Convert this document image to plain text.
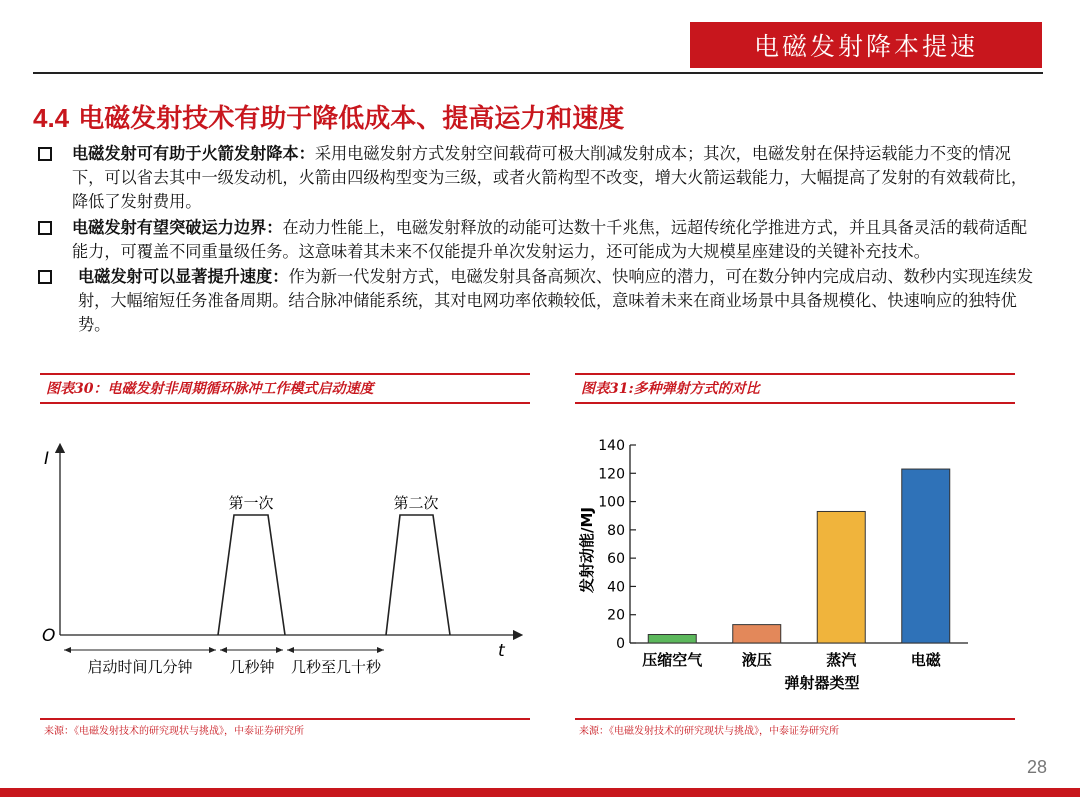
电磁发射降本提速
4.4 电磁发射技术有助于降低成本、提高运力和速度
电磁发射可有助于火箭发射降本：采用电磁发射方式发射空间载荷可极大削减发射成本；其次，电磁发射在保持运载能力不变的情况下，可以省去其中一级发动机，火箭由四级构型变为三级，或者火箭构型不改变，增大火箭运载能力，大幅提高了发射的有效载荷比，降低了发射费用。
电磁发射有望突破运力边界：在动力性能上，电磁发射释放的动能可达数十千兆焦，远超传统化学推进方式，并且具备灵活的载荷适配能力，可覆盖不同重量级任务。这意味着其未来不仅能提升单次发射运力，还可能成为大规模星座建设的关键补充技术。
电磁发射可以显著提升速度：作为新一代发射方式，电磁发射具备高频次、快响应的潜力，可在数分钟内完成启动、数秒内实现连续发射，大幅缩短任务准备周期。结合脉冲储能系统，其对电网功率依赖较低，意味着未来在商业场景中具备规模化、快速响应的独特优势。
图表30：电磁发射非周期循环脉冲工作模式启动速度
I
O
t
第一次	第二次
启动时间几分钟 几秒钟 几秒至几十秒
来源：《电磁发射技术的研究现状与挑战》，中泰证券研究所
图表31:多种弹射方式的对比
0
20
40
60
80
100
120
140
压缩空气	液压	蒸汽	电磁
发射动能/MJ
弹射器类型
来源：《电磁发射技术的研究现状与挑战》，中泰证券研究所
28
